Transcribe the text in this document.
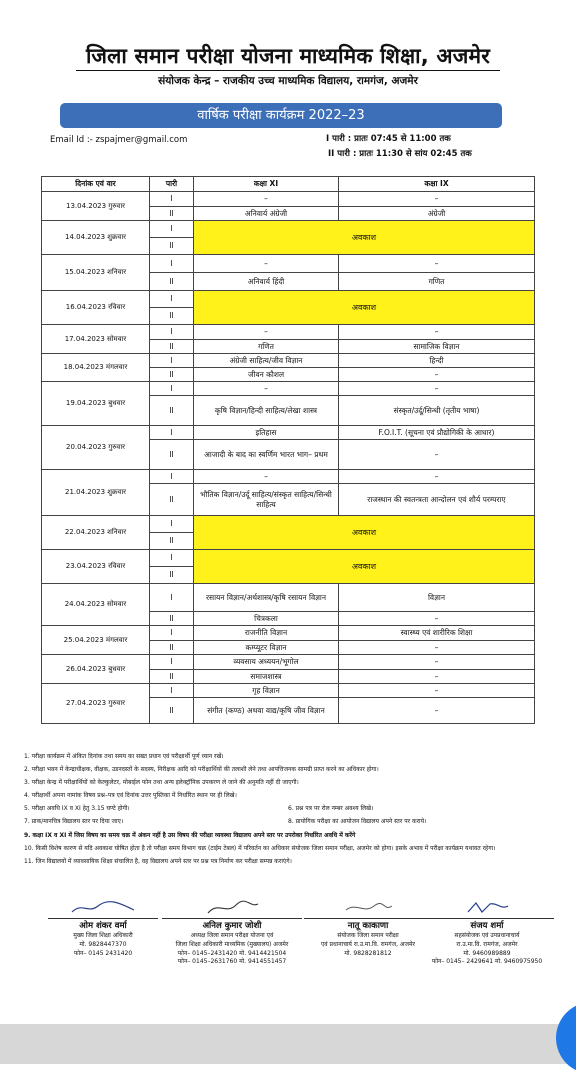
जिला समान परीक्षा योजना माध्यमिक शिक्षा, अजमेर
संयोजक केन्द्र – राजकीय उच्च माध्यमिक विद्यालय, रामगंज, अजमेर
वार्षिक परीक्षा कार्यक्रम 2022–23
Email Id :- zspajmer@gmail.com	I पारी : प्रातः 07:45 से 11:00 तक
II पारी : प्रातः 11:30 से सांय 02:45 तक
दिनांक एवं वार	पारी	कक्षा XI	कक्षा IX
13.04.2023 गुरुवार	I	–	–
	II	अनिवार्य अंग्रेजी	अंग्रेजी
14.04.2023 शुक्रवार	I	अवकाश	
	II		
15.04.2023 शनिवार	I	–	–
	II	अनिवार्य हिंदी	गणित
16.04.2023 रविवार	I	अवकाश	
	II		
17.04.2023 सोमवार	I	–	–
	II	गणित	सामाजिक विज्ञान
18.04.2023 मंगलवार	I	अंग्रेजी साहित्य/जीव विज्ञान	हिन्दी
	II	जीवन कौशल	–
19.04.2023 बुधवार	I	–	–
	II	कृषि विज्ञान/हिन्दी साहित्य/लेखा शास्त्र	संस्कृत/उर्दू/सिन्धी (तृतीय भाषा)
20.04.2023 गुरुवार	I	इतिहास	F.O.I.T. (सूचना एवं प्रौद्योगिकी के आधार)
	II	आजादी के बाद का स्वर्णिम भारत भाग– प्रथम	–
21.04.2023 शुक्रवार	I	–	–
	II	भौतिक विज्ञान/उर्दू साहित्य/संस्कृत साहित्य/सिन्धी साहित्य	राजस्थान की स्वतन्त्रता आन्दोलन एवं शौर्य परम्पराए
22.04.2023 शनिवार	I	अवकाश	
	II		
23.04.2023 रविवार	I	अवकाश	
	II		
24.04.2023 सोमवार	I	रसायन विज्ञान/अर्थशास्त्र/कृषि रसायन विज्ञान	विज्ञान
	II	चित्रकला	–
25.04.2023 मंगलवार	I	राजनीति विज्ञान	स्वास्थ्य एवं शारीरिक शिक्षा
	II	कम्प्यूटर विज्ञान	–
26.04.2023 बुधवार	I	व्यवसाय अध्ययन/भूगोल	–
	II	समाजशास्त्र	–
27.04.2023 गुरुवार	I	गृह विज्ञान	–
	II	संगीत (कण्ठ) अथवा वाद्य/कृषि जीव विज्ञान	–
1. परीक्षा कार्यक्रम में अंकित दिनांक तथा समय का सख्त प्रधान एवं परीक्षार्थी पूर्ण ध्यान रखें।
2. परीक्षा भवन में केन्द्राधीक्षक, वीक्षक, उडनदस्तों के सदस्य, निरीक्षक आदि को परीक्षार्थियों की तलाशी लेने तथा आपत्तिजनक सामग्री प्राप्त करने का अधिकार होगा।
3. परीक्षा केन्द्र में परीक्षार्थियों को केल्कुलेटर, मोबाईल फोन तथा अन्य इलेक्ट्रॉनिक उपकरण ले जाने की अनुमति नहीं दी जाएगी।
4. परीक्षार्थी अपना नामांक विषय प्रश्न–पत्र एवं दिनांक उत्तर पुस्तिका में निर्धारित स्थान पर ही लिखे।
5. परीक्षा अवधि IX व XI हेतु 3.15 घण्टे होगी।	6. प्रश्न पत्र पर रोल नम्बर अवश्य लिखे।
7. प्राक/मानचित्र विद्यालय स्तर पर दिया जाए।	8. प्रायोगिक परीक्षा का आयोजन विद्यालय अपने स्तर पर कराये।
9. कक्षा IX व XI में जिस विषय का समय चक्र में अंकन नहीं है उस विषय की परीक्षा व्यवस्था विद्यालय अपने स्तर पर उपरोक्त निर्धारित अवधि में करेंगे
10. किसी विशेष कारण से यदि अवकाश घोषित होता है तो परीक्षा समय विभाग चक्र (टाईम टेबल) में परिवर्तन का अधिकार संयोजक जिला समान परीक्षा, अजमेर को होगा। इसके अभाव में परीक्षा कार्यक्रम यथावत रहेगा।
11. जिन विद्यालयों में व्यावसायिक शिक्षा संचालित है, वह विद्यालय अपने स्तर पर प्रश्न पत्र निर्माण कर परीक्षा सम्पन्न कराएंगे।
ओम शंकर वर्मा
मुख्य जिला शिक्षा अधिकारी
मो. 9828447370
फोन– 0145 2431420
अनिल कुमार जोशी
अध्यक्ष जिला समान परीक्षा योजना एवं
जिला शिक्षा अधिकारी माध्यमिक (मुख्यालय) अजमेर
फोन– 0145–2431420 मो. 9414421504
फोन– 0145–2631760 मो. 9414551457
नातू काकाणा
संयोजक जिला समान परीक्षा
एवं प्रधानाचार्य रा.उ.मा.वि. रामगंज, अजमेर
मो. 9828281812
संजय शर्मा
सहसंयोजक एवं उपप्रधानाचार्य
रा.उ.मा.वि. रामगंज, अजमेर
मो. 9460989889
फोन– 0145– 2429641 मो. 9460975950
